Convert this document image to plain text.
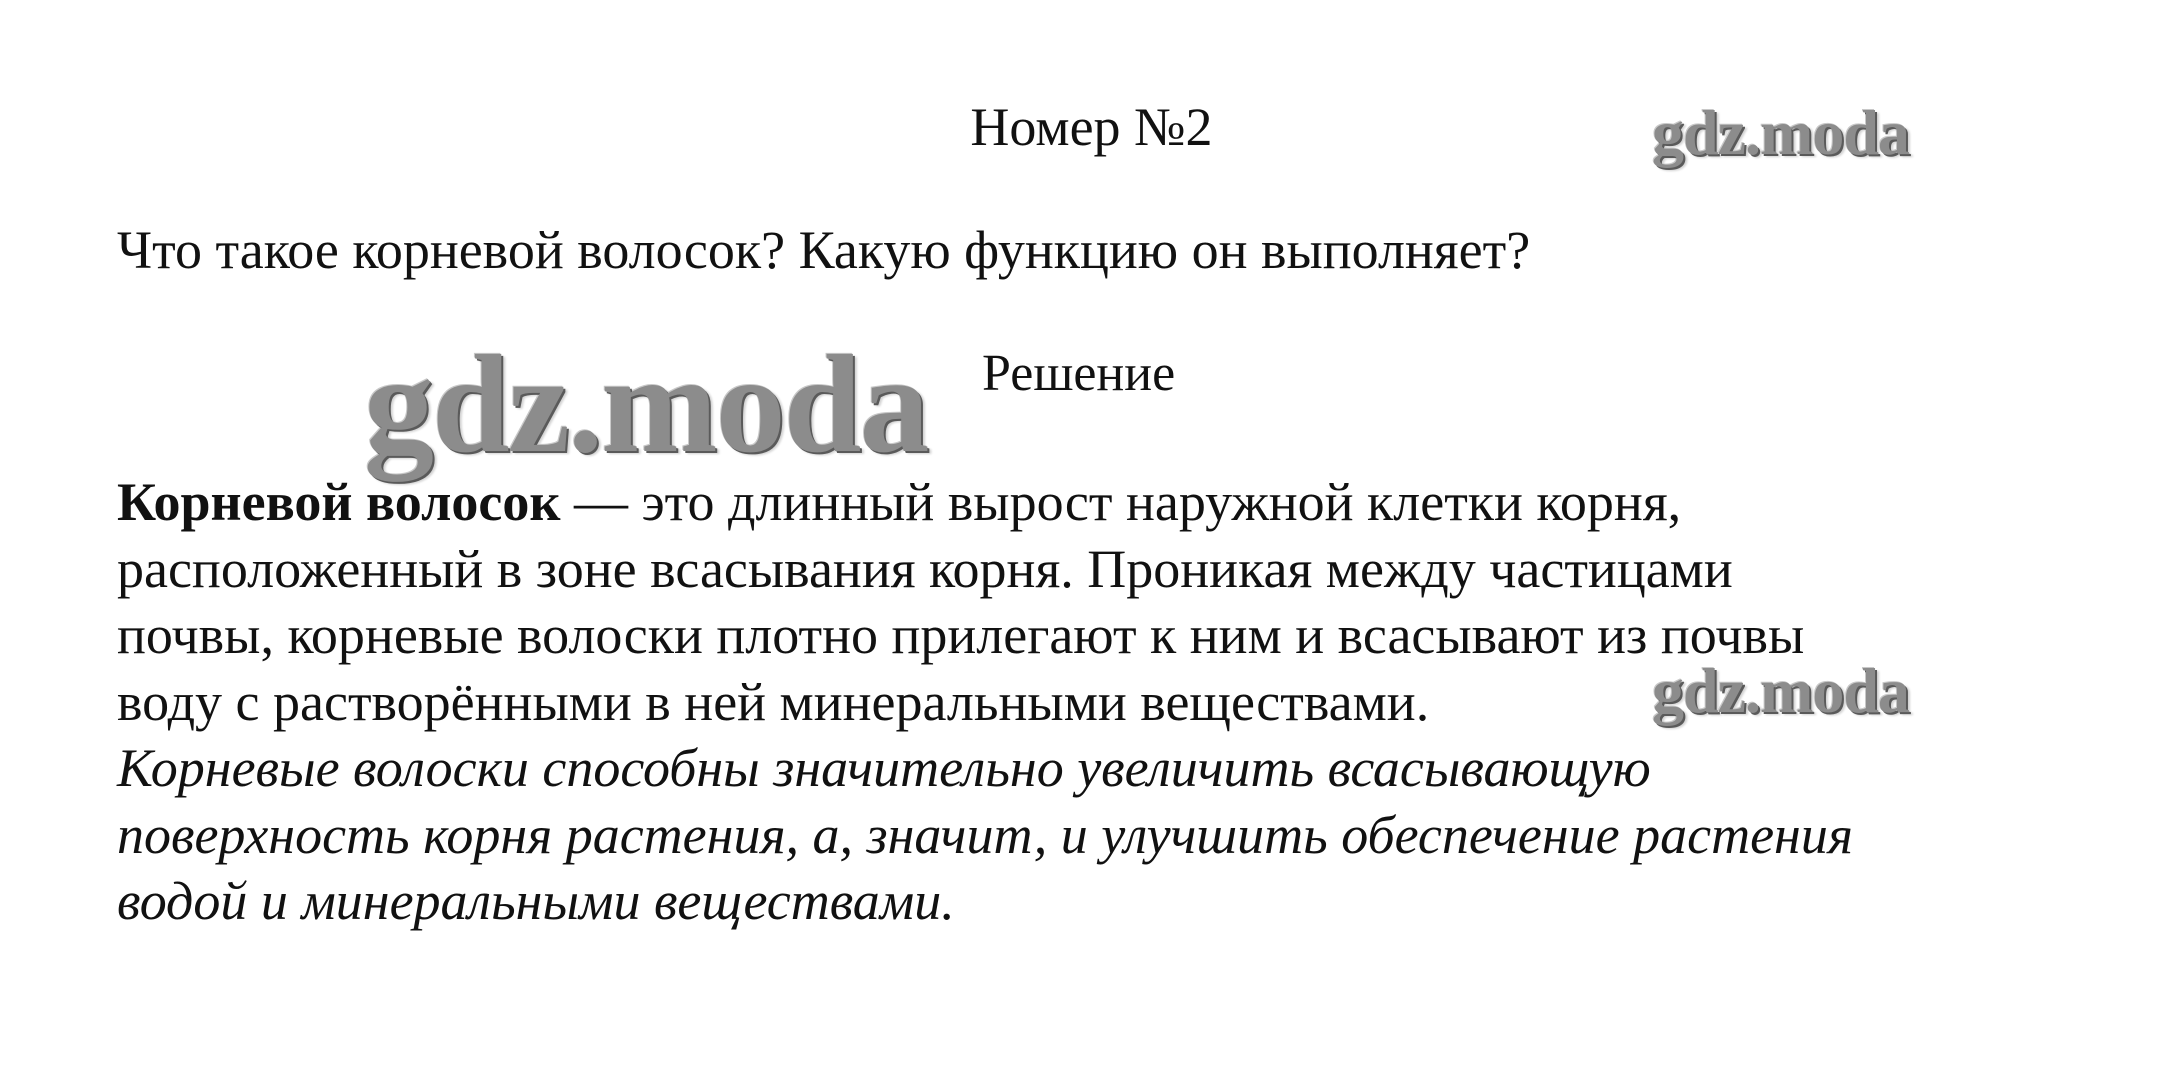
Номер №2
Что такое корневой волосок? Какую функцию он выполняет?
Решение
Корневой волосок — это длинный вырост наружной клетки корня,
расположенный в зоне всасывания корня. Проникая между частицами
почвы, корневые волоски плотно прилегают к ним и всасывают из почвы
воду с растворёнными в ней минеральными веществами.
Корневые волоски способны значительно увеличить всасывающую
поверхность корня растения, а, значит, и улучшить обеспечение растения
водой и минеральными веществами.
gdz.moda
gdz.moda
gdz.moda
